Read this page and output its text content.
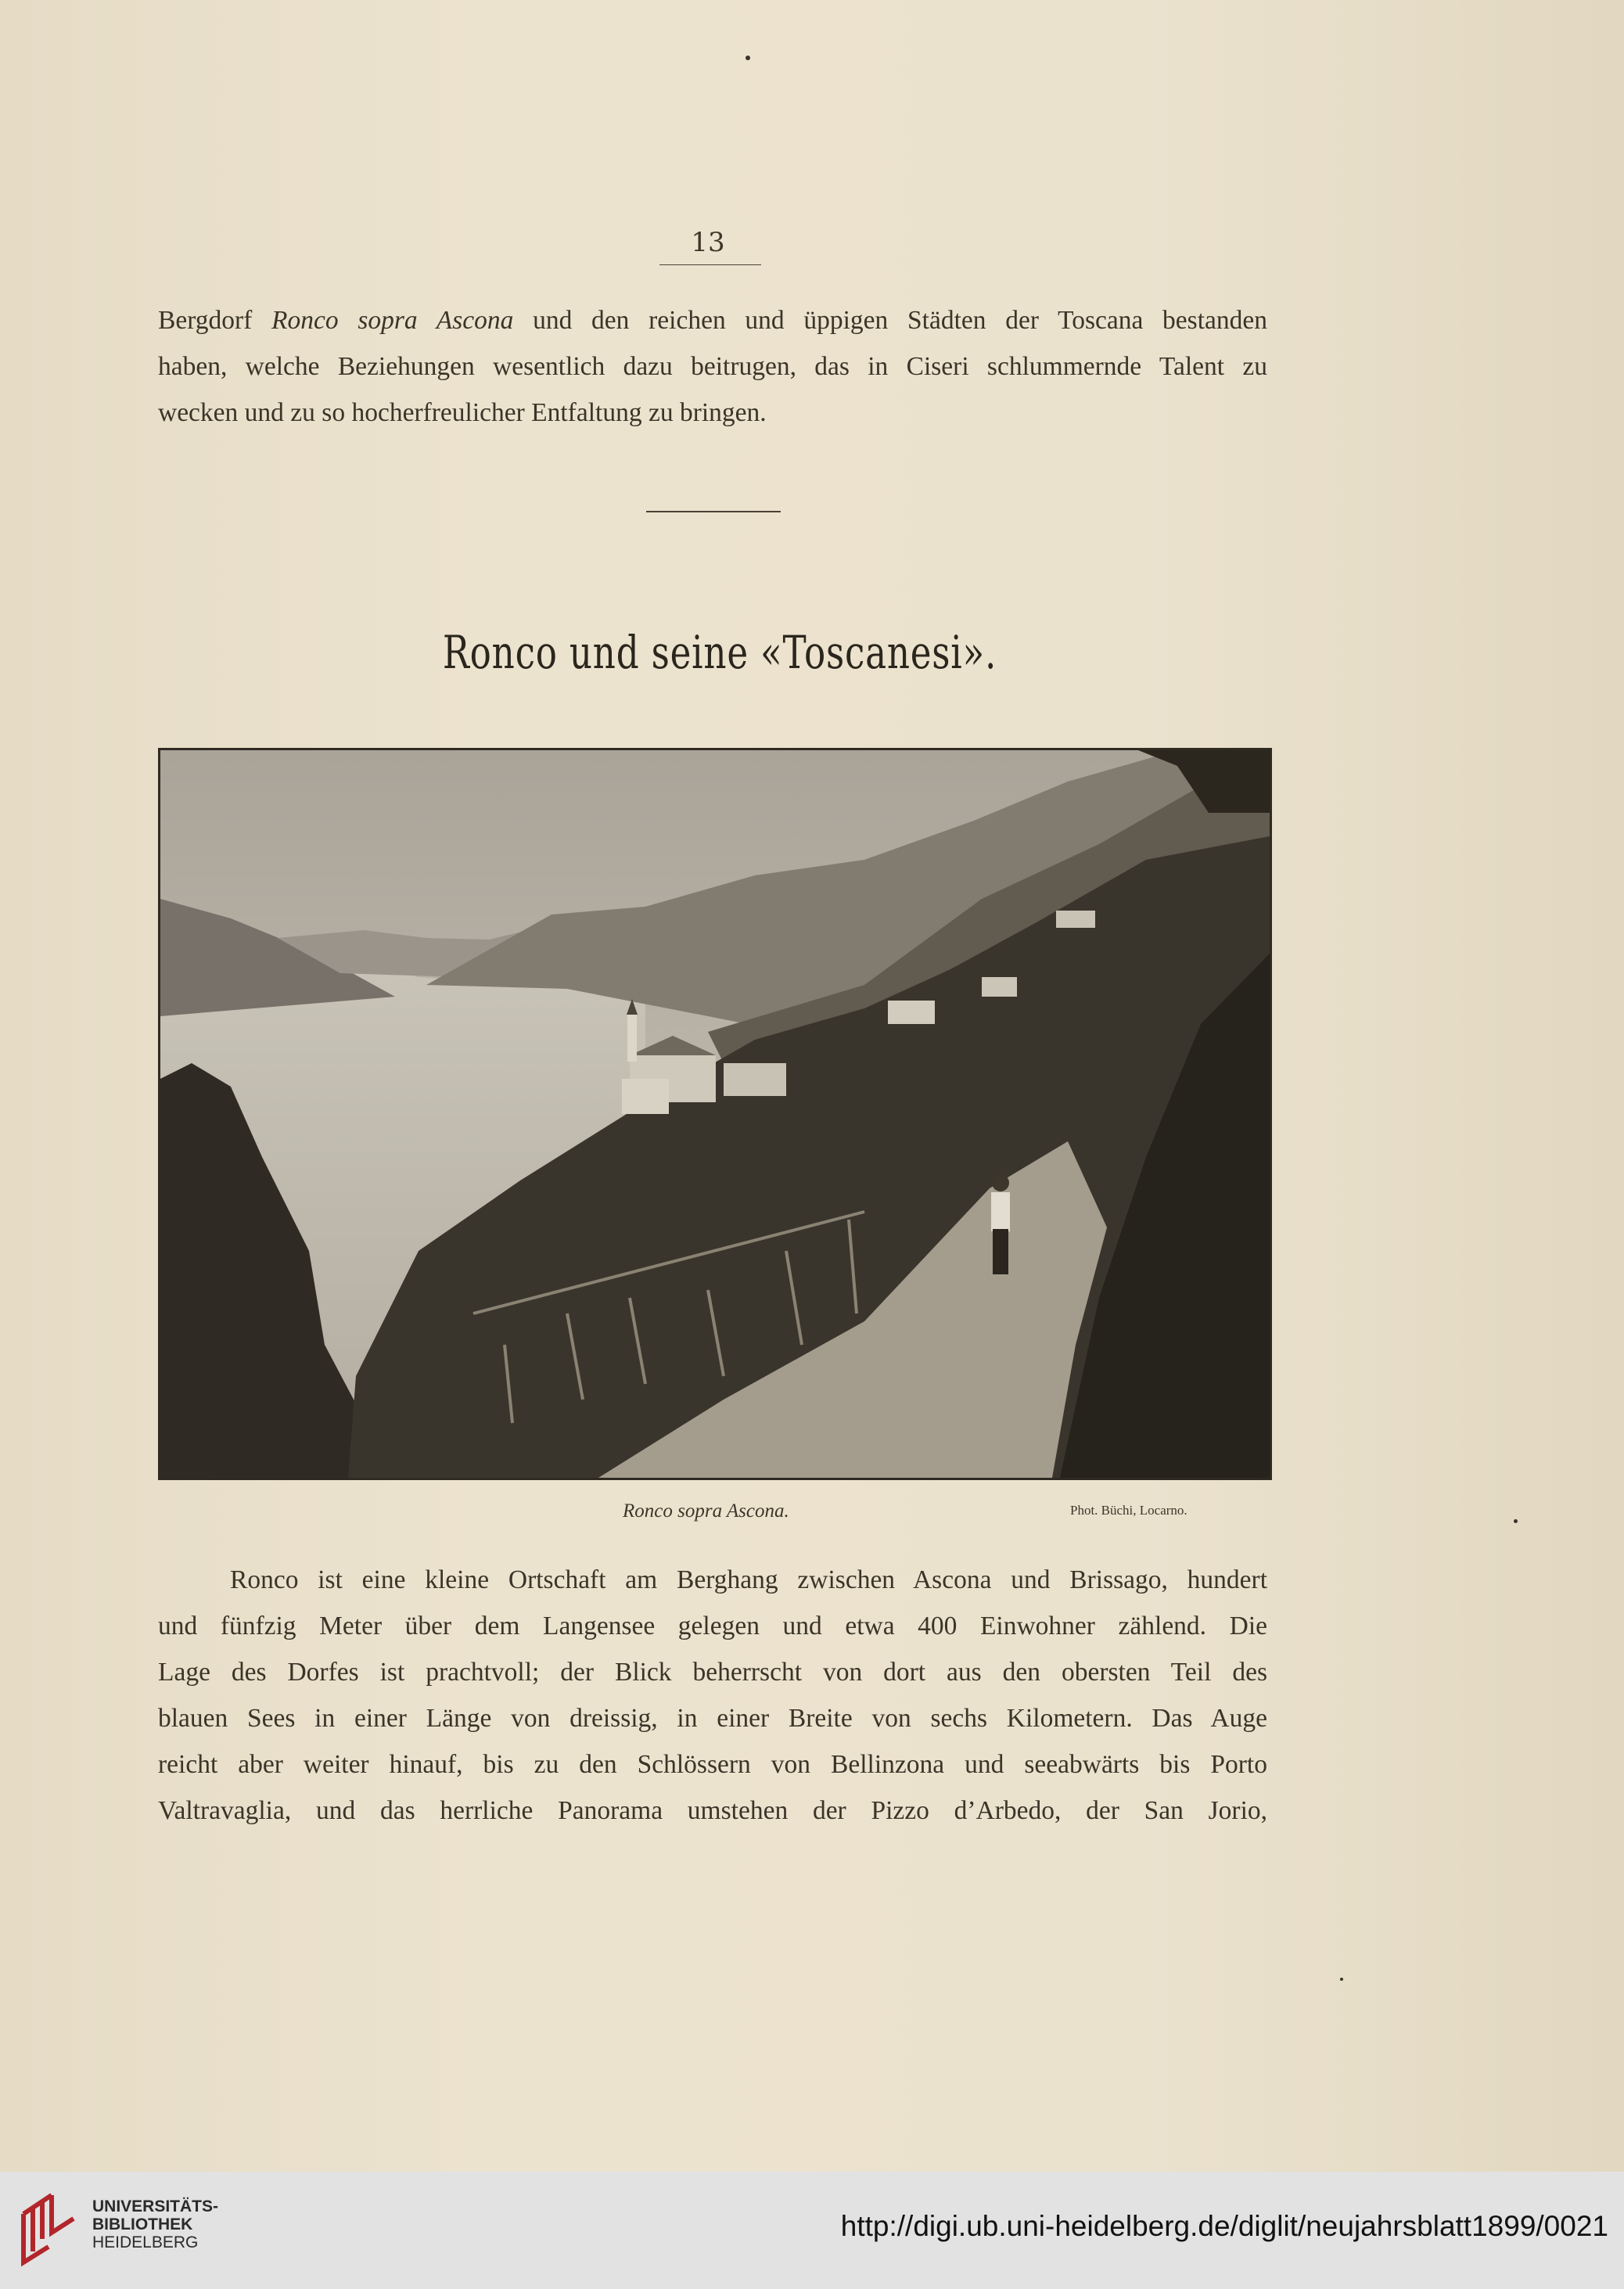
13
Bergdorf Ronco sopra Ascona und den reichen und üppigen Städten der Toscana bestanden
haben, welche Beziehungen wesentlich dazu beitrugen, das in Ciseri schlummernde Talent zu
wecken und zu so hocherfreulicher Entfaltung zu bringen.
Ronco und seine «Toscanesi».
Ronco sopra Ascona.	Phot. Büchi, Locarno.
Ronco ist eine kleine Ortschaft am Berghang zwischen Ascona und Brissago, hundert
und fünfzig Meter über dem Langensee gelegen und etwa 400 Einwohner zählend. Die
Lage des Dorfes ist prachtvoll; der Blick beherrscht von dort aus den obersten Teil des
blauen Sees in einer Länge von dreissig, in einer Breite von sechs Kilometern. Das Auge
reicht aber weiter hinauf, bis zu den Schlössern von Bellinzona und seeabwärts bis Porto
Valtravaglia, und das herrliche Panorama umstehen der Pizzo d’Arbedo, der San Jorio,
UNIVERSITÄTS-
BIBLIOTHEK
HEIDELBERG
http://digi.ub.uni-heidelberg.de/diglit/neujahrsblatt1899/0021
